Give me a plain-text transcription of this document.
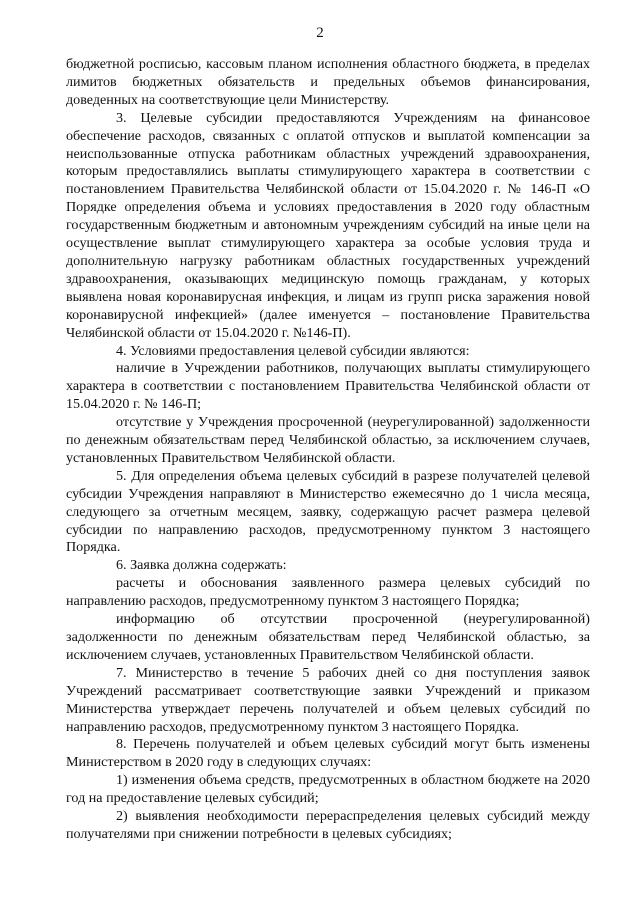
2

бюджетной росписью, кассовым планом исполнения областного бюджета, в пределах лимитов бюджетных обязательств и предельных объемов финансирования, доведенных на соответствующие цели Министерству.

3. Целевые субсидии предоставляются Учреждениям на финансовое обеспечение расходов, связанных с оплатой отпусков и выплатой компенсации за неиспользованные отпуска работникам областных учреждений здравоохранения, которым предоставлялись выплаты стимулирующего характера в соответствии с постановлением Правительства Челябинской области от 15.04.2020 г. № 146-П «О Порядке определения объема и условиях предоставления в 2020 году областным государственным бюджетным и автономным учреждениям субсидий на иные цели на осуществление выплат стимулирующего характера за особые условия труда и дополнительную нагрузку работникам областных государственных учреждений здравоохранения, оказывающих медицинскую помощь гражданам, у которых выявлена новая коронавирусная инфекция, и лицам из групп риска заражения новой коронавирусной инфекцией» (далее именуется – постановление Правительства Челябинской области от 15.04.2020 г. №146-П).

4. Условиями предоставления целевой субсидии являются:

наличие в Учреждении работников, получающих выплаты стимулирующего характера в соответствии с постановлением Правительства Челябинской области от 15.04.2020 г. № 146-П;

отсутствие у Учреждения просроченной (неурегулированной) задолженности по денежным обязательствам перед Челябинской областью, за исключением случаев, установленных Правительством Челябинской области.

5. Для определения объема целевых субсидий в разрезе получателей целевой субсидии Учреждения направляют в Министерство ежемесячно до 1 числа месяца, следующего за отчетным месяцем, заявку, содержащую расчет размера целевой субсидии по направлению расходов, предусмотренному пунктом 3 настоящего Порядка.

6. Заявка должна содержать:

расчеты и обоснования заявленного размера целевых субсидий по направлению расходов, предусмотренному пунктом 3 настоящего Порядка;

информацию об отсутствии просроченной (неурегулированной) задолженности по денежным обязательствам перед Челябинской областью, за исключением случаев, установленных Правительством Челябинской области.

7. Министерство в течение 5 рабочих дней со дня поступления заявок Учреждений рассматривает соответствующие заявки Учреждений и приказом Министерства утверждает перечень получателей и объем целевых субсидий по направлению расходов, предусмотренному пунктом 3 настоящего Порядка.

8. Перечень получателей и объем целевых субсидий могут быть изменены Министерством в 2020 году в следующих случаях:

1) изменения объема средств, предусмотренных в областном бюджете на 2020 год на предоставление целевых субсидий;

2) выявления необходимости перераспределения целевых субсидий между получателями при снижении потребности в целевых субсидиях;
